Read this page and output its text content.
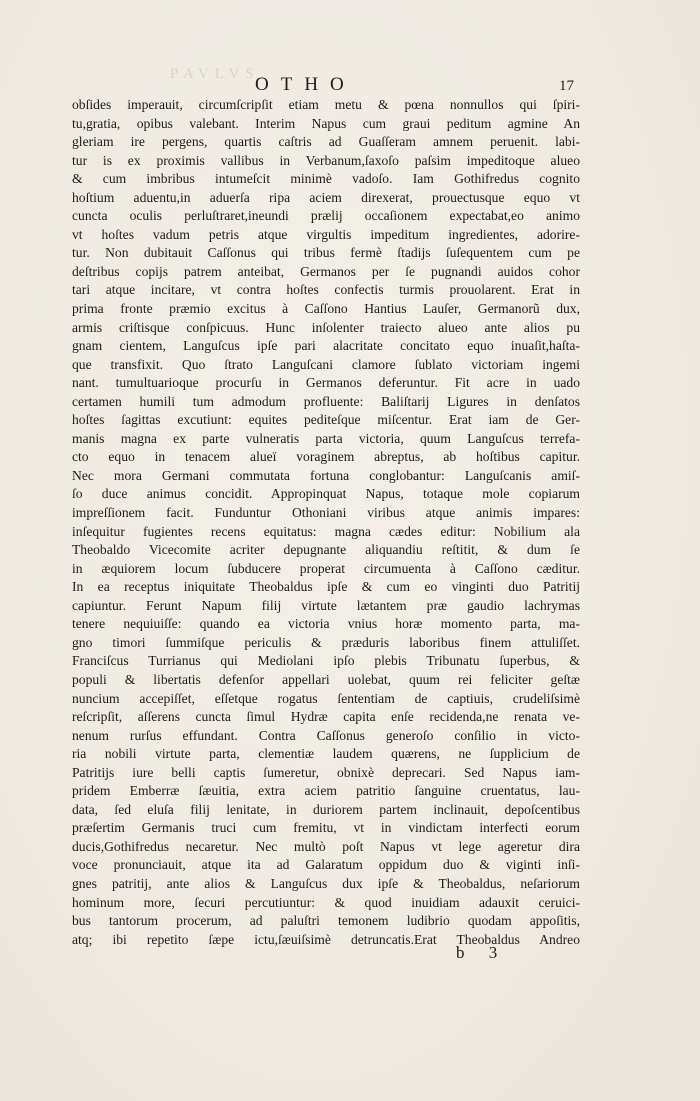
PAVLVS
OTHO	17
obſides imperauit, circumſcripſit etiam metu & pœna nonnullos qui ſpiri-
tu,gratia, opibus valebant. Interim Napus cum graui peditum agmine An
gleriam ire pergens, quartis caſtris ad Guaſſeram amnem peruenit. labi-
tur is ex proximis vallibus in Verbanum,ſaxoſo paſsim impeditoque alueo
& cum imbribus intumeſcit minimè vadoſo. Iam Gothifredus cognito
hoſtium aduentu,in aduerſa ripa aciem direxerat, prouectusque equo vt
cuncta oculis perluſtraret,ineundi prælij occaſionem expectabat,eo animo
vt hoſtes vadum petris atque virgultis impeditum ingredientes, adorire-
tur. Non dubitauit Caſſonus qui tribus fermè ſtadijs ſuſequentem cum pe
deſtribus copijs patrem anteibat, Germanos per ſe pugnandi auidos cohor
tari atque incitare, vt contra hoſtes confectis turmis prouolarent. Erat in
prima fronte præmio excitus à Caſſono Hantius Lauſer, Germanorũ dux,
armis criſtisque conſpicuus. Hunc inſolenter traiecto alueo ante alios pu
gnam cientem, Languſcus ipſe pari alacritate concitato equo inuaſit,haſta-
que transfixit. Quo ſtrato Languſcani clamore ſublato victoriam ingemi
nant. tumultuarioque procurſu in Germanos deferuntur. Fit acre in uado
certamen humili tum admodum profluente: Baliſtarij Ligures in denſatos
hoſtes ſagittas excutiunt: equites pediteſque miſcentur. Erat iam de Ger-
manis magna ex parte vulneratis parta victoria, quum Languſcus terrefa-
cto equo in tenacem alueï voraginem abreptus, ab hoſtibus capitur.
Nec mora Germani commutata fortuna conglobantur: Languſcanis amiſ-
ſo duce animus concidit. Appropinquat Napus, totaque mole copiarum
impreſſionem facit. Funduntur Othoniani viribus atque animis impares:
inſequitur fugientes recens equitatus: magna cædes editur: Nobilium ala
Theobaldo Vicecomite acriter depugnante aliquandiu reſtitit, & dum ſe
in æquiorem locum ſubducere properat circumuenta à Caſſono cæditur.
In ea receptus iniquitate Theobaldus ipſe & cum eo vinginti duo Patritij
capiuntur. Ferunt Napum filij virtute lætantem præ gaudio lachrymas
tenere nequiuiſſe: quando ea victoria vnius horæ momento parta, ma-
gno timori ſummiſque periculis & præduris laboribus finem attuliſſet.
Franciſcus Turrianus qui Mediolani ipſo plebis Tribunatu ſuperbus, &
populi & libertatis defenſor appellari uolebat, quum rei feliciter geſtæ
nuncium accepiſſet, eſſetque rogatus ſententiam de captiuis, crudeliſsimè
reſcripſit, aſſerens cuncta ſimul Hydræ capita enſe recidenda,ne renata ve-
nenum rurſus effundant. Contra Caſſonus generoſo conſilio in victo-
ria nobili virtute parta, clementiæ laudem quærens, ne ſupplicium de
Patritijs iure belli captis ſumeretur, obnixè deprecari. Sed Napus iam-
pridem Emberræ ſæuitia, extra aciem patritio ſanguine cruentatus, lau-
data, ſed eluſa filij lenitate, in duriorem partem inclinauit, depoſcentibus
præſertim Germanis truci cum fremitu, vt in vindictam interfecti eorum
ducis,Gothifredus necaretur. Nec multò poſt Napus vt lege ageretur dira
voce pronunciauit, atque ita ad Galaratum oppidum duo & viginti inſi-
gnes patritij, ante alios & Languſcus dux ipſe & Theobaldus, neſariorum
hominum more, ſecuri percutiuntur: & quod inuidiam adauxit ceruici-
bus tantorum procerum, ad paluſtri temonem ludibrio quodam appoſitis,
atq; ibi repetito ſæpe ictu,ſæuiſsimè detruncatis.Erat Theobaldus Andreo
b 3
